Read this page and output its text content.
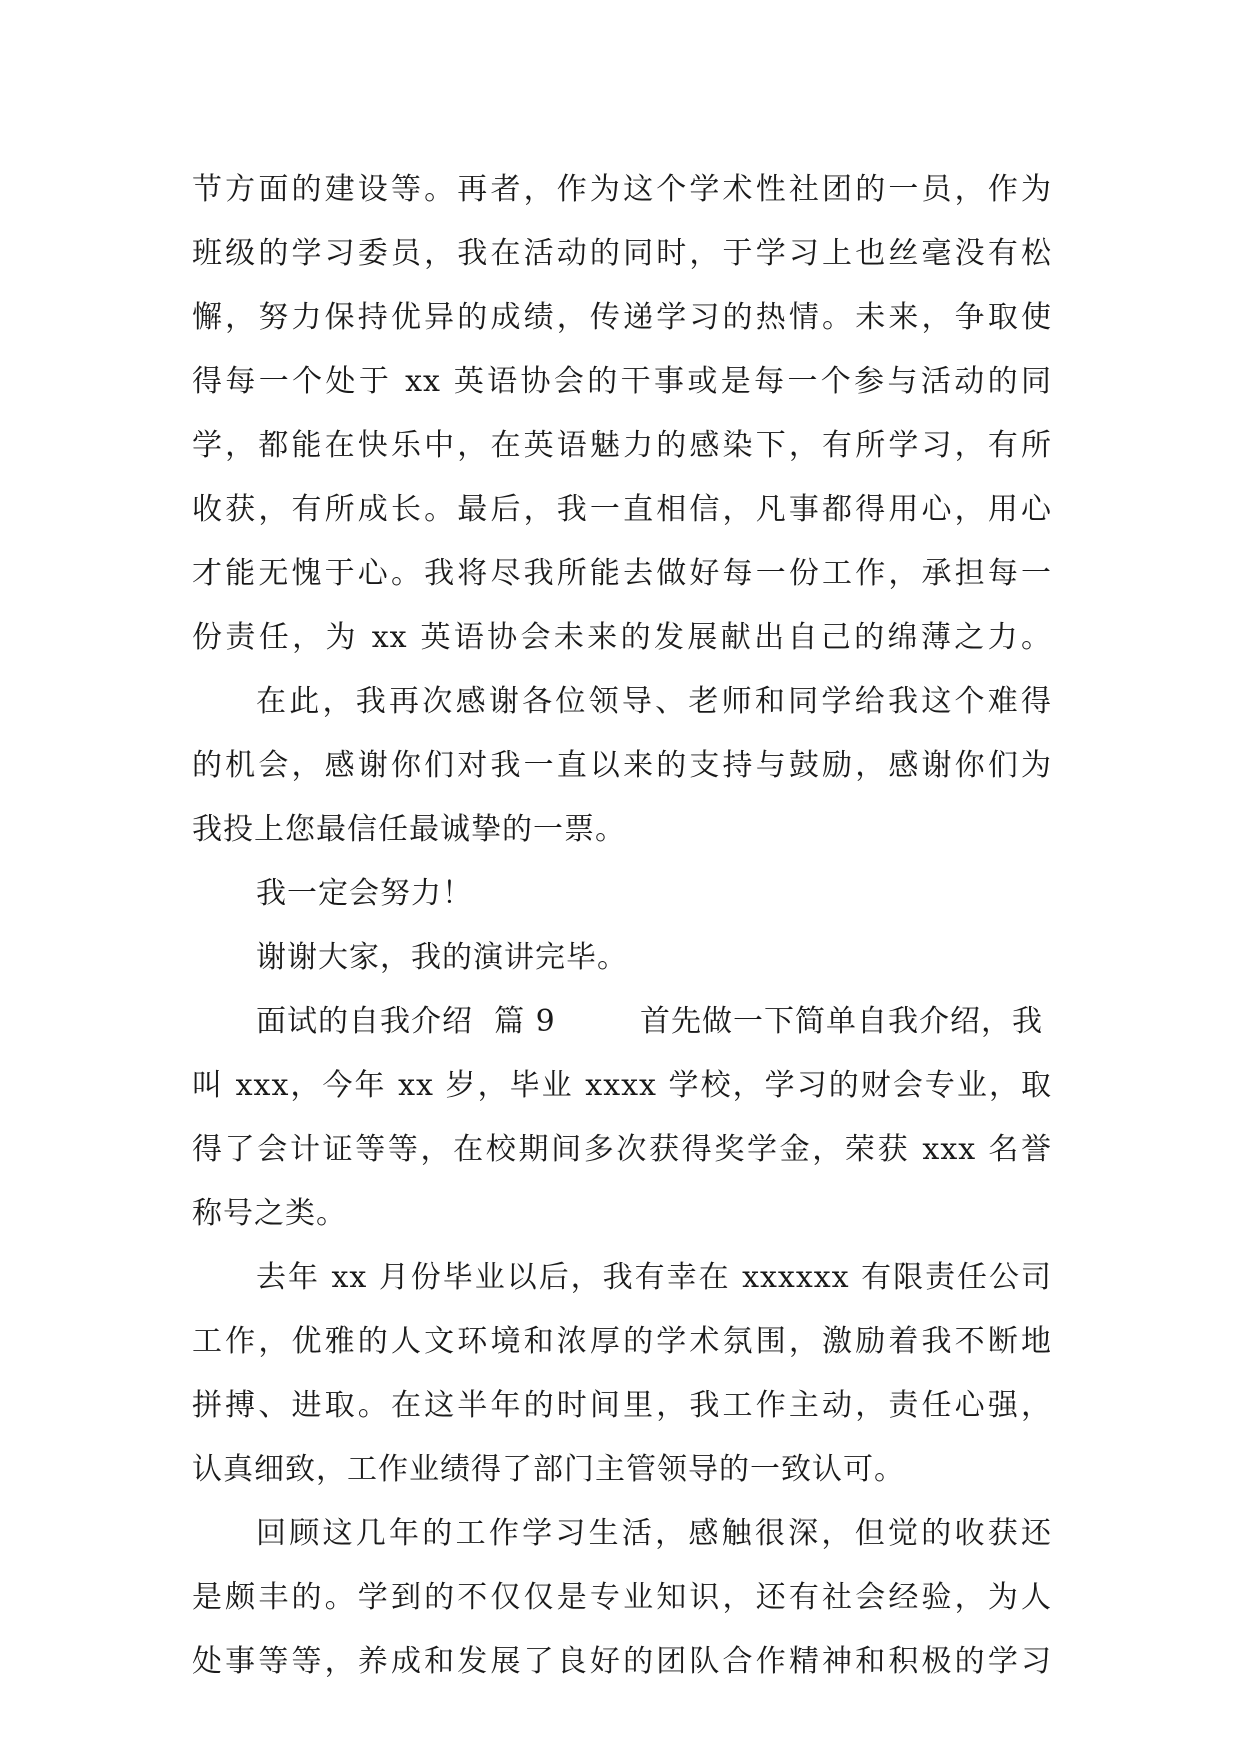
节方面的建设等。再者，作为这个学术性社团的一员，作为
班级的学习委员，我在活动的同时，于学习上也丝毫没有松
懈，努力保持优异的成绩，传递学习的热情。未来，争取使
得每一个处于 xx 英语协会的干事或是每一个参与活动的同
学，都能在快乐中，在英语魅力的感染下，有所学习，有所
收获，有所成长。最后，我一直相信，凡事都得用心，用心
才能无愧于心。我将尽我所能去做好每一份工作，承担每一
份责任，为 xx 英语协会未来的发展献出自己的绵薄之力。
在此，我再次感谢各位领导、老师和同学给我这个难得
的机会，感谢你们对我一直以来的支持与鼓励，感谢你们为
我投上您最信任最诚挚的一票。
我一定会努力！
谢谢大家，我的演讲完毕。
面试的自我介绍  篇 9        首先做一下简单自我介绍，我
叫 xxx，今年 xx 岁，毕业 xxxx 学校，学习的财会专业，取
得了会计证等等，在校期间多次获得奖学金，荣获 xxx 名誉
称号之类。
去年 xx 月份毕业以后，我有幸在 xxxxxx 有限责任公司
工作，优雅的人文环境和浓厚的学术氛围，激励着我不断地
拼搏、进取。在这半年的时间里，我工作主动，责任心强，
认真细致，工作业绩得了部门主管领导的一致认可。
回顾这几年的工作学习生活，感触很深，但觉的收获还
是颇丰的。学到的不仅仅是专业知识，还有社会经验，为人
处事等等，养成和发展了良好的团队合作精神和积极的学习
